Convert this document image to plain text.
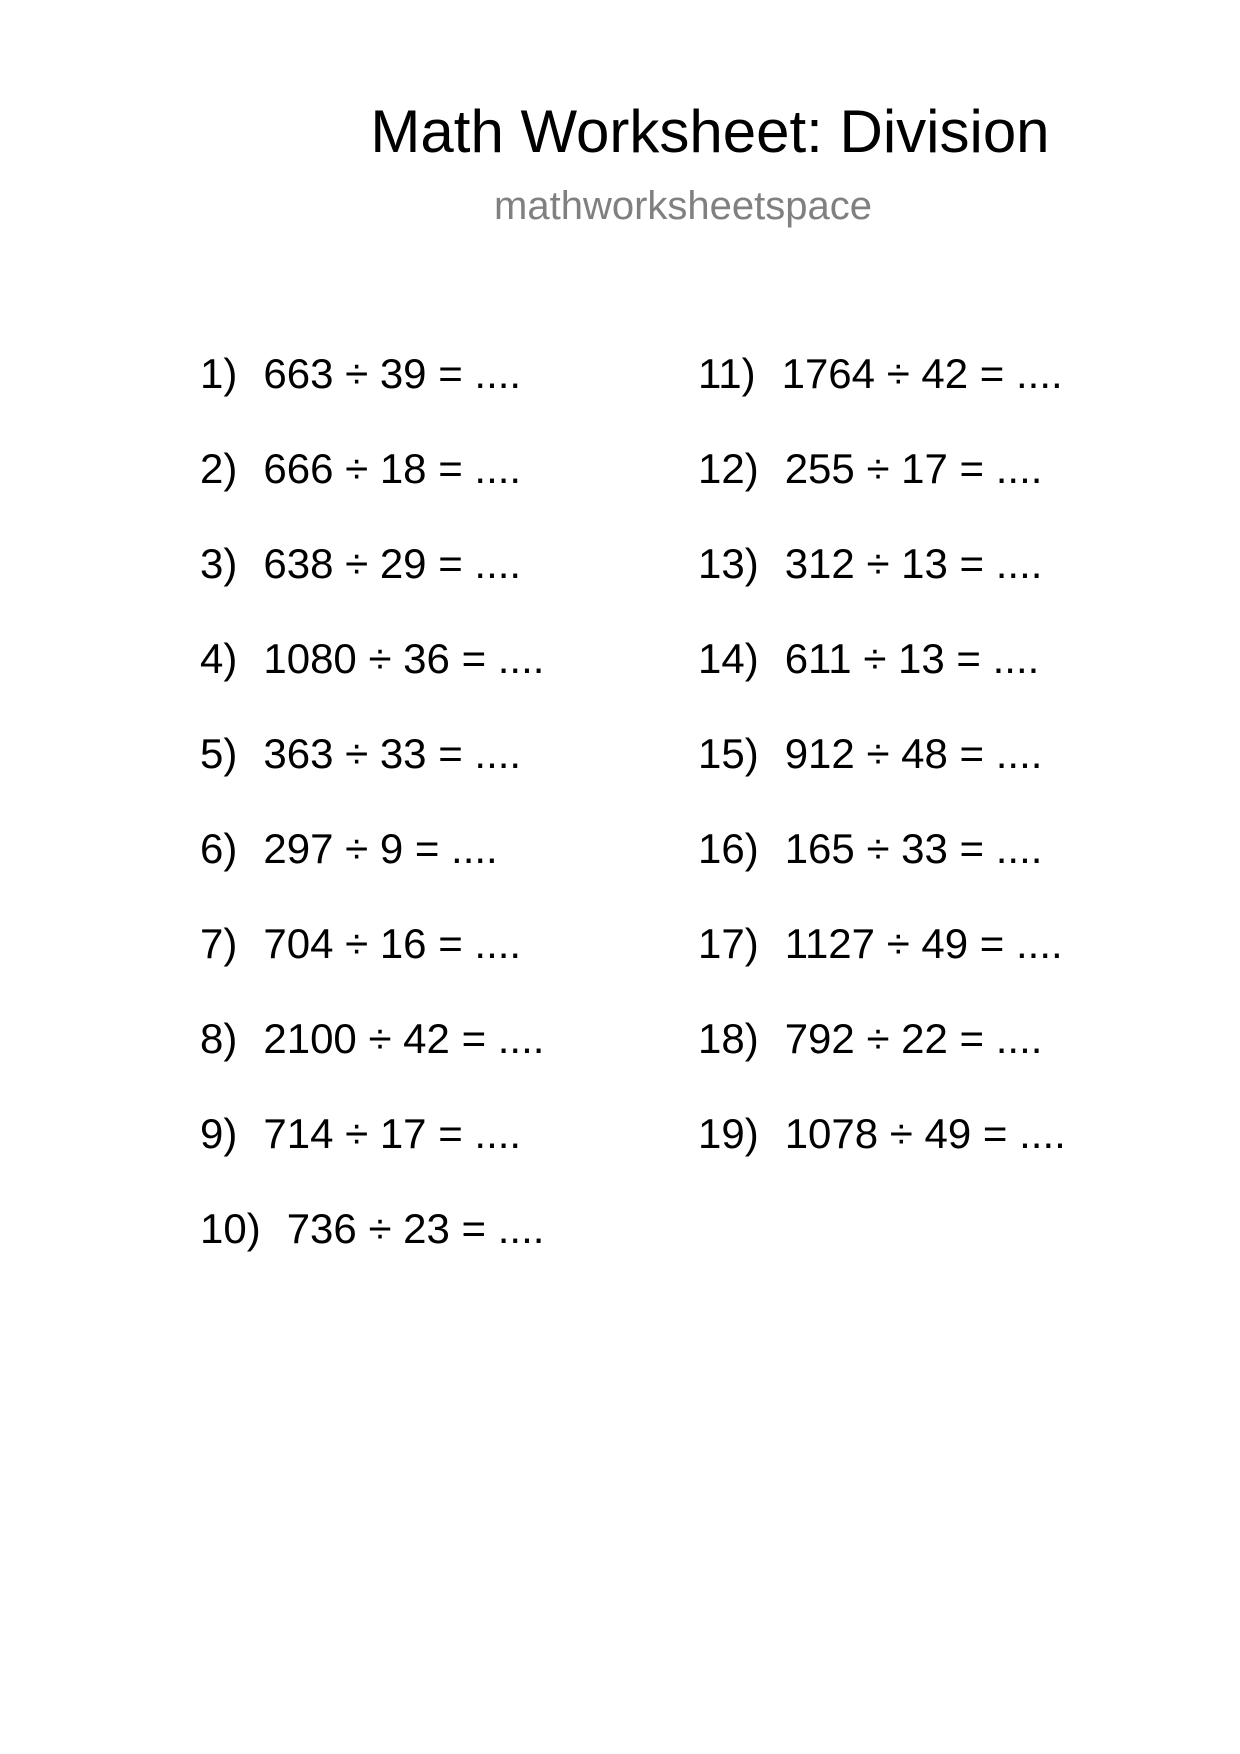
Math Worksheet: Division
mathworksheetspace
1) 663 ÷ 39 = ....
2) 666 ÷ 18 = ....
3) 638 ÷ 29 = ....
4) 1080 ÷ 36 = ....
5) 363 ÷ 33 = ....
6) 297 ÷ 9 = ....
7) 704 ÷ 16 = ....
8) 2100 ÷ 42 = ....
9) 714 ÷ 17 = ....
10) 736 ÷ 23 = ....
11) 1764 ÷ 42 = ....
12) 255 ÷ 17 = ....
13) 312 ÷ 13 = ....
14) 611 ÷ 13 = ....
15) 912 ÷ 48 = ....
16) 165 ÷ 33 = ....
17) 1127 ÷ 49 = ....
18) 792 ÷ 22 = ....
19) 1078 ÷ 49 = ....
